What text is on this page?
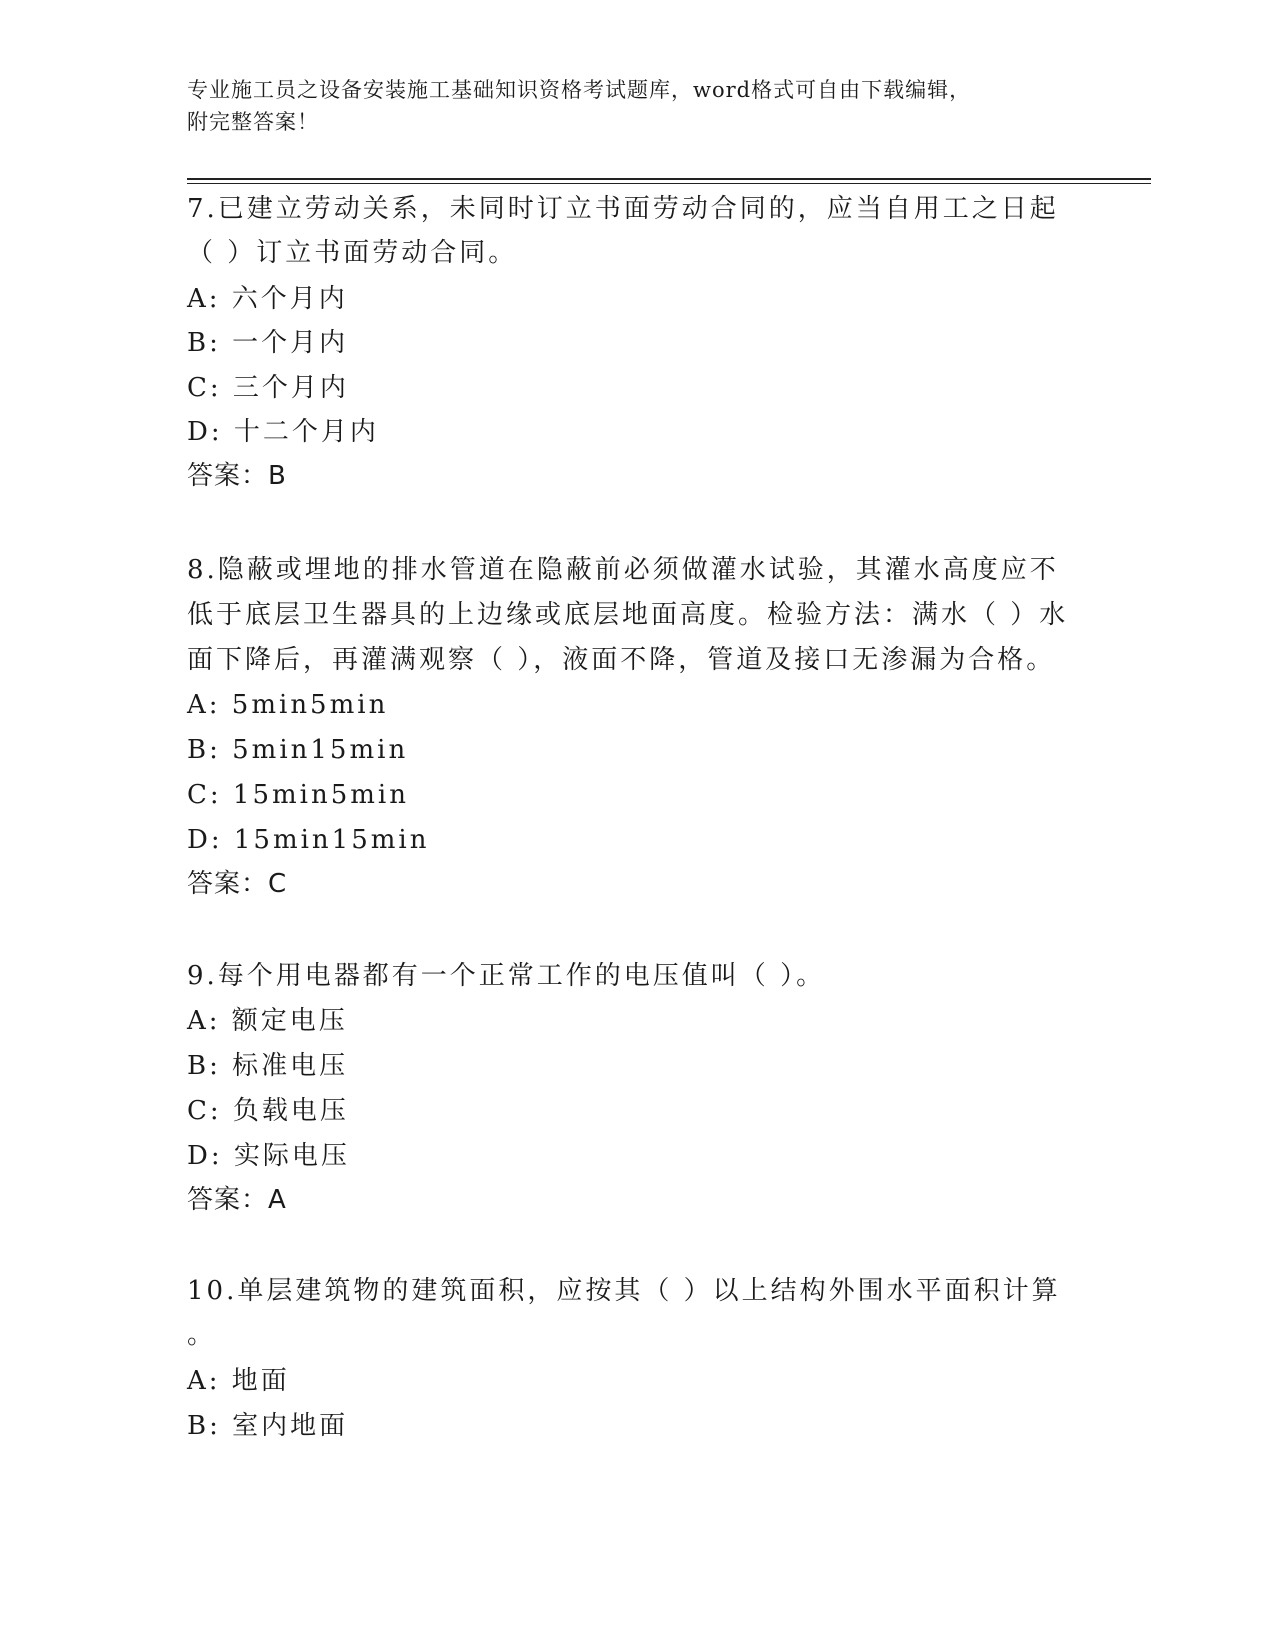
专业施工员之设备安装施工基础知识资格考试题库，word格式可自由下载编辑，
附完整答案！
7.已建立劳动关系，未同时订立书面劳动合同的，应当自用工之日起
（ ）订立书面劳动合同。
A: 六个月内
B: 一个月内
C: 三个月内
D: 十二个月内
答案：B
8.隐蔽或埋地的排水管道在隐蔽前必须做灌水试验，其灌水高度应不
低于底层卫生器具的上边缘或底层地面高度。检验方法：满水（ ）水
面下降后，再灌满观察（ ），液面不降，管道及接口无渗漏为合格。
A: 5min5min
B: 5min15min
C: 15min5min
D: 15min15min
答案：C
9.每个用电器都有一个正常工作的电压值叫（ ）。
A: 额定电压
B: 标准电压
C: 负载电压
D: 实际电压
答案：A
10.单层建筑物的建筑面积，应按其（ ）以上结构外围水平面积计算
。
A: 地面
B: 室内地面
